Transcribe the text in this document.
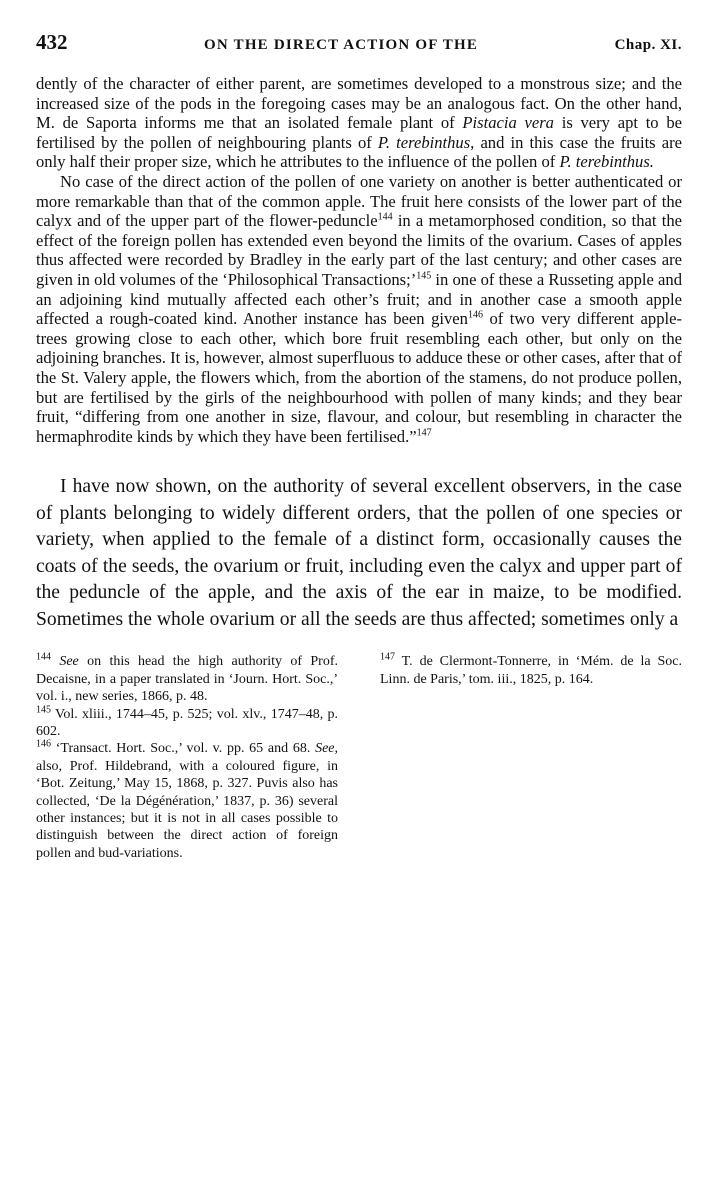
432	ON THE DIRECT ACTION OF THE	Chap. XI.

dently of the character of either parent, are sometimes developed to a monstrous size; and the increased size of the pods in the foregoing cases may be an analogous fact. On the other hand, M. de Saporta informs me that an isolated female plant of Pistacia vera is very apt to be fertilised by the pollen of neighbouring plants of P. terebinthus, and in this case the fruits are only half their proper size, which he attributes to the influence of the pollen of P. terebinthus.

No case of the direct action of the pollen of one variety on another is better authenticated or more remarkable than that of the common apple. The fruit here consists of the lower part of the calyx and of the upper part of the flower-peduncle$^{144}$ in a metamorphosed condition, so that the effect of the foreign pollen has extended even beyond the limits of the ovarium. Cases of apples thus affected were recorded by Bradley in the early part of the last century; and other cases are given in old volumes of the ‘Philosophical Transactions;’$^{145}$ in one of these a Russeting apple and an adjoining kind mutually affected each other’s fruit; and in another case a smooth apple affected a rough-coated kind. Another instance has been given$^{146}$ of two very different apple-trees growing close to each other, which bore fruit resembling each other, but only on the adjoining branches. It is, however, almost superfluous to adduce these or other cases, after that of the St. Valery apple, the flowers which, from the abortion of the stamens, do not produce pollen, but are fertilised by the girls of the neighbourhood with pollen of many kinds; and they bear fruit, “differing from one another in size, flavour, and colour, but resembling in character the hermaphrodite kinds by which they have been fertilised.”$^{147}$

I have now shown, on the authority of several excellent observers, in the case of plants belonging to widely different orders, that the pollen of one species or variety, when applied to the female of a distinct form, occasionally causes the coats of the seeds, the ovarium or fruit, including even the calyx and upper part of the peduncle of the apple, and the axis of the ear in maize, to be modified. Sometimes the whole ovarium or all the seeds are thus affected; sometimes only a

$^{144}$ See on this head the high authority of Prof. Decaisne, in a paper translated in ‘Journ. Hort. Soc.,’ vol. i., new series, 1866, p. 48.

$^{145}$ Vol. xliii., 1744–45, p. 525; vol. xlv., 1747–48, p. 602.

$^{146}$ ‘Transact. Hort. Soc.,’ vol. v. pp. 65 and 68. See, also, Prof. Hildebrand, with a coloured figure, in ‘Bot. Zeitung,’ May 15, 1868, p. 327. Puvis also has collected, ‘De la Dégénération,’ 1837, p. 36) several other instances; but it is not in all cases possible to distinguish between the direct action of foreign pollen and bud-variations.

$^{147}$ T. de Clermont-Tonnerre, in ‘Mém. de la Soc. Linn. de Paris,’ tom. iii., 1825, p. 164.
